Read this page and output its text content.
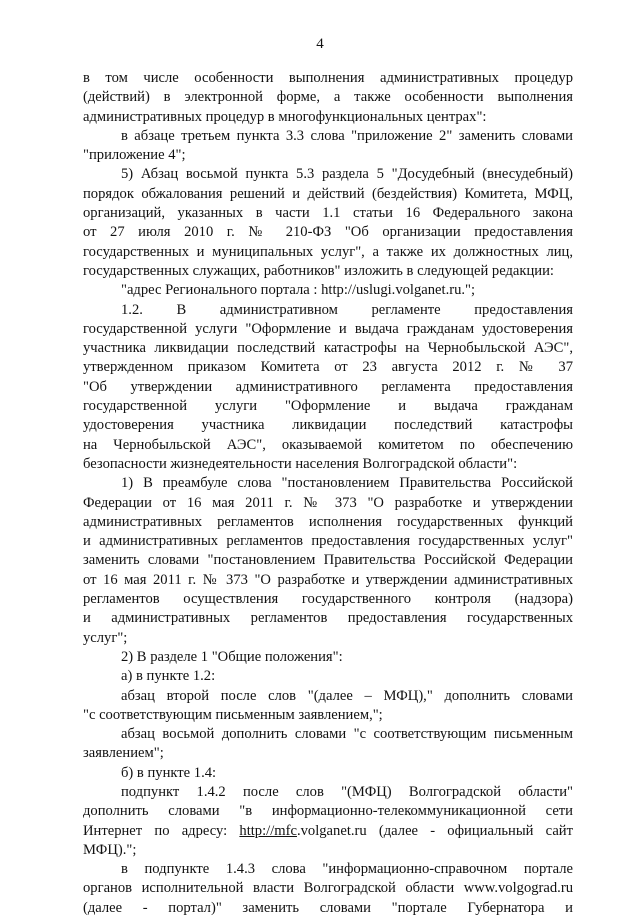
4
в том числе особенности выполнения административных процедур
(действий) в электронной форме, а также особенности выполнения
административных процедур в многофункциональных центрах":
в абзаце третьем пункта 3.3 слова "приложение 2" заменить словами
"приложение 4";
5) Абзац восьмой пункта 5.3 раздела 5 "Досудебный (внесудебный)
порядок обжалования решений и действий (бездействия) Комитета, МФЦ,
организаций, указанных в части 1.1 статьи 16 Федерального закона
от 27 июля 2010 г. № 210-ФЗ "Об организации предоставления
государственных и муниципальных услуг", а также их должностных лиц,
государственных служащих, работников" изложить в следующей редакции:
"адрес Регионального портала : http://uslugi.volganet.ru.";
1.2. В административном регламенте предоставления
государственной услуги "Оформление и выдача гражданам удостоверения
участника ликвидации последствий катастрофы на Чернобыльской АЭС",
утвержденном приказом Комитета от 23 августа 2012 г. № 37
"Об утверждении административного регламента предоставления
государственной услуги "Оформление и выдача гражданам
удостоверения участника ликвидации последствий катастрофы
на Чернобыльской АЭС", оказываемой комитетом по обеспечению
безопасности жизнедеятельности населения Волгоградской области":
1) В преамбуле слова "постановлением Правительства Российской
Федерации от 16 мая 2011 г. № 373 "О разработке и утверждении
административных регламентов исполнения государственных функций
и административных регламентов предоставления государственных услуг"
заменить словами "постановлением Правительства Российской Федерации
от 16 мая 2011 г. № 373 "О разработке и утверждении административных
регламентов осуществления государственного контроля (надзора)
и административных регламентов предоставления государственных
услуг";
2) В разделе 1 "Общие положения":
а) в пункте 1.2:
абзац второй после слов "(далее – МФЦ)," дополнить словами
"с соответствующим письменным заявлением,";
абзац восьмой дополнить словами "с соответствующим письменным
заявлением";
б) в пункте 1.4:
подпункт 1.4.2 после слов "(МФЦ) Волгоградской области"
дополнить словами "в информационно-телекоммуникационной сети
Интернет по адресу: http://mfc.volganet.ru (далее - официальный сайт
МФЦ).";
в подпункте 1.4.3 слова "информационно-справочном портале
органов исполнительной власти Волгоградской области www.volgograd.ru
(далее - портал)" заменить словами "портале Губернатора и
